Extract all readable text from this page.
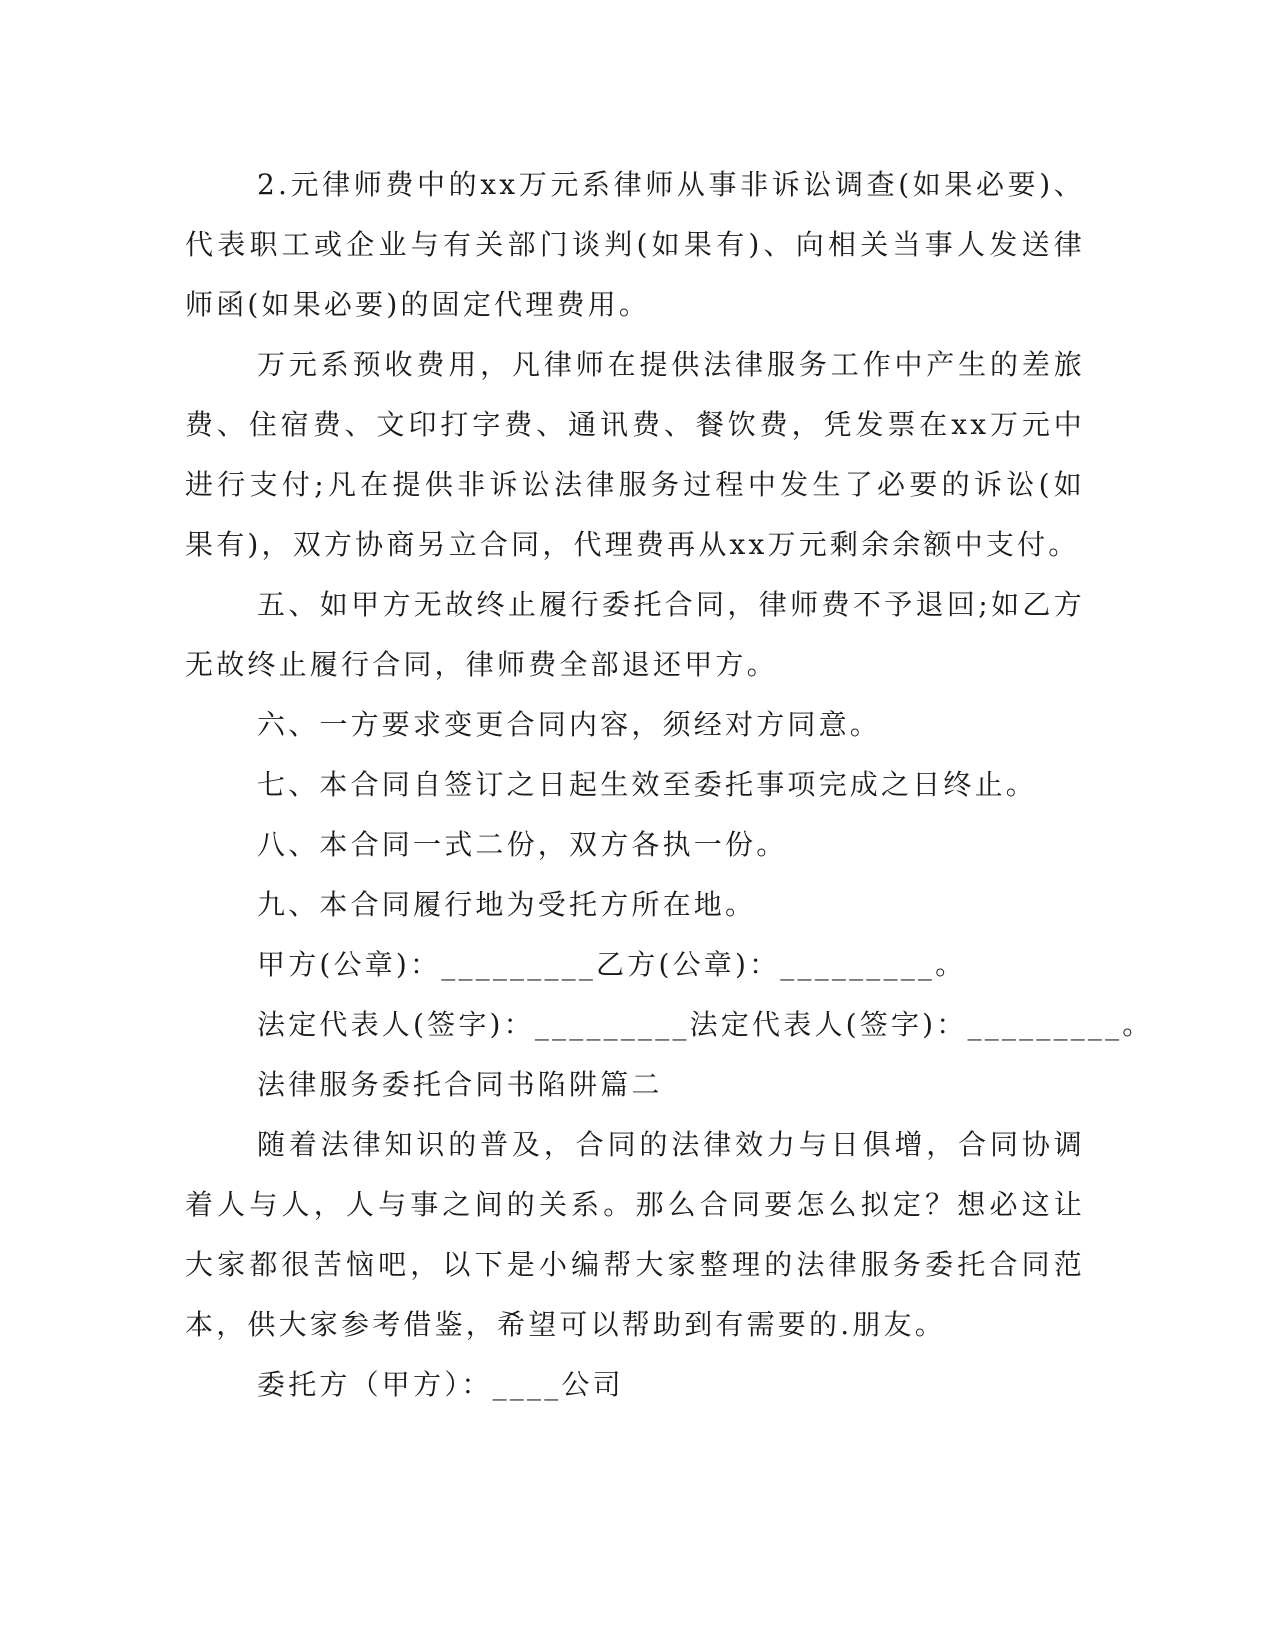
2.元律师费中的xx万元系律师从事非诉讼调查(如果必要)、代表职工或企业与有关部门谈判(如果有)、向相关当事人发送律师函(如果必要)的固定代理费用。

万元系预收费用，凡律师在提供法律服务工作中产生的差旅费、住宿费、文印打字费、通讯费、餐饮费，凭发票在xx万元中进行支付;凡在提供非诉讼法律服务过程中发生了必要的诉讼(如果有)，双方协商另立合同，代理费再从xx万元剩余余额中支付。

五、如甲方无故终止履行委托合同，律师费不予退回;如乙方无故终止履行合同，律师费全部退还甲方。

六、一方要求变更合同内容，须经对方同意。

七、本合同自签订之日起生效至委托事项完成之日终止。

八、本合同一式二份，双方各执一份。

九、本合同履行地为受托方所在地。

甲方(公章)：_________乙方(公章)：_________。

法定代表人(签字)：_________法定代表人(签字)：_________。

法律服务委托合同书陷阱篇二

随着法律知识的普及，合同的法律效力与日俱增，合同协调着人与人，人与事之间的关系。那么合同要怎么拟定？想必这让大家都很苦恼吧，以下是小编帮大家整理的法律服务委托合同范本，供大家参考借鉴，希望可以帮助到有需要的.朋友。

委托方（甲方）：____公司
